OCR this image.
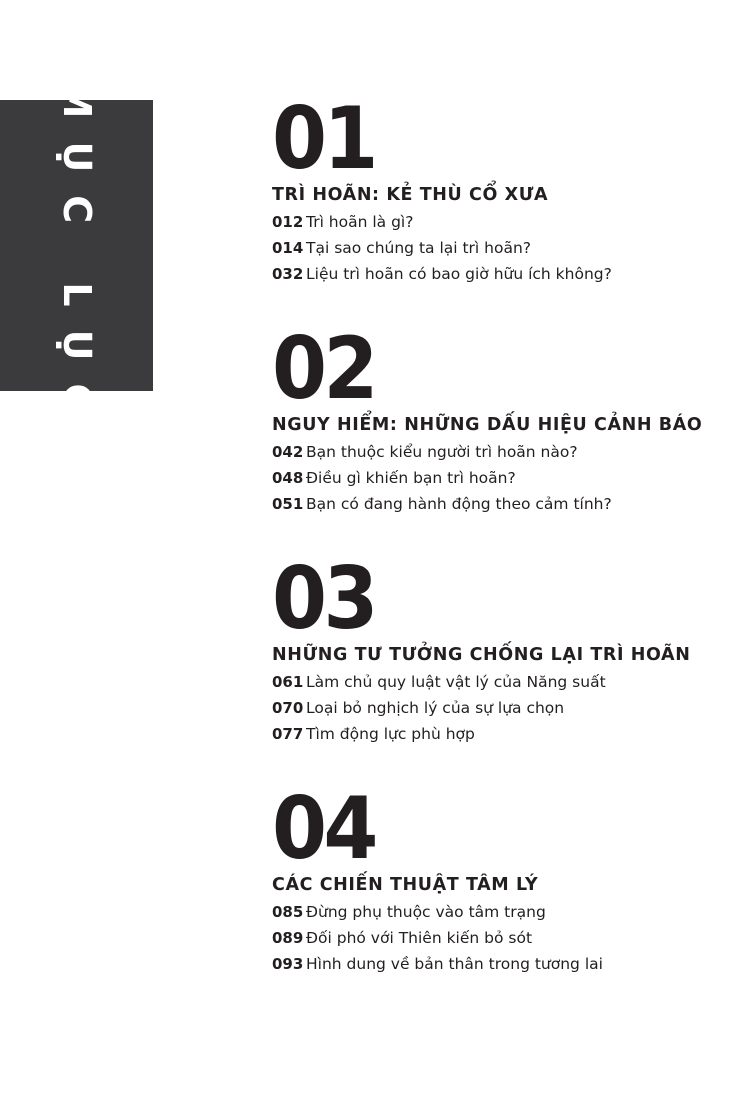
MỤC LỤC 01
TRÌ HOÃN: KẺ THÙ CỔ XƯA
012 Trì hoãn là gì?
014 Tại sao chúng ta lại trì hoãn?
032 Liệu trì hoãn có bao giờ hữu ích không?
02
NGUY HIỂM: NHỮNG DẤU HIỆU CẢNH BÁO
042 Bạn thuộc kiểu người trì hoãn nào?
048 Điều gì khiến bạn trì hoãn?
051 Bạn có đang hành động theo cảm tính?
03
NHỮNG TƯ TƯỞNG CHỐNG LẠI TRÌ HOÃN
061 Làm chủ quy luật vật lý của Năng suất
070 Loại bỏ nghịch lý của sự lựa chọn
077 Tìm động lực phù hợp
04
CÁC CHIẾN THUẬT TÂM LÝ
085 Đừng phụ thuộc vào tâm trạng
089 Đối phó với Thiên kiến bỏ sót
093 Hình dung về bản thân trong tương lai
